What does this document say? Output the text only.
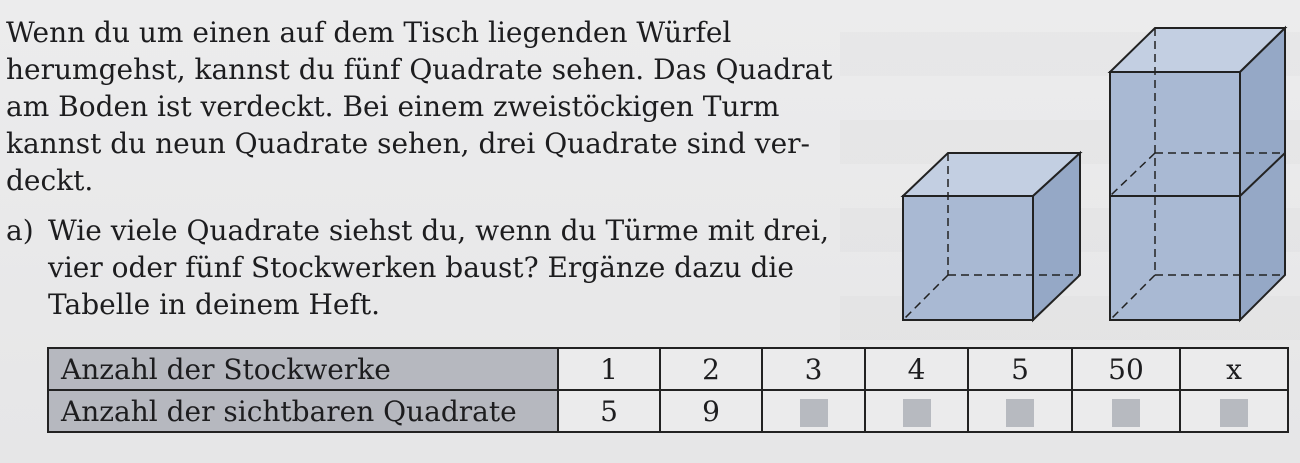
Wenn du um einen auf dem Tisch liegenden Würfel
herumgehst, kannst du fünf Quadrate sehen. Das Quadrat
am Boden ist verdeckt. Bei einem zweistöckigen Turm
kannst du neun Quadrate sehen, drei Quadrate sind ver-
deckt.
a) Wie viele Quadrate siehst du, wenn du Türme mit drei,
vier oder fünf Stockwerken baust? Ergänze dazu die
Tabelle in deinem Heft.
Anzahl der Stockwerke	1	2	3	4	5	50	x
Anzahl der sichtbaren Quadrate	5	9					
